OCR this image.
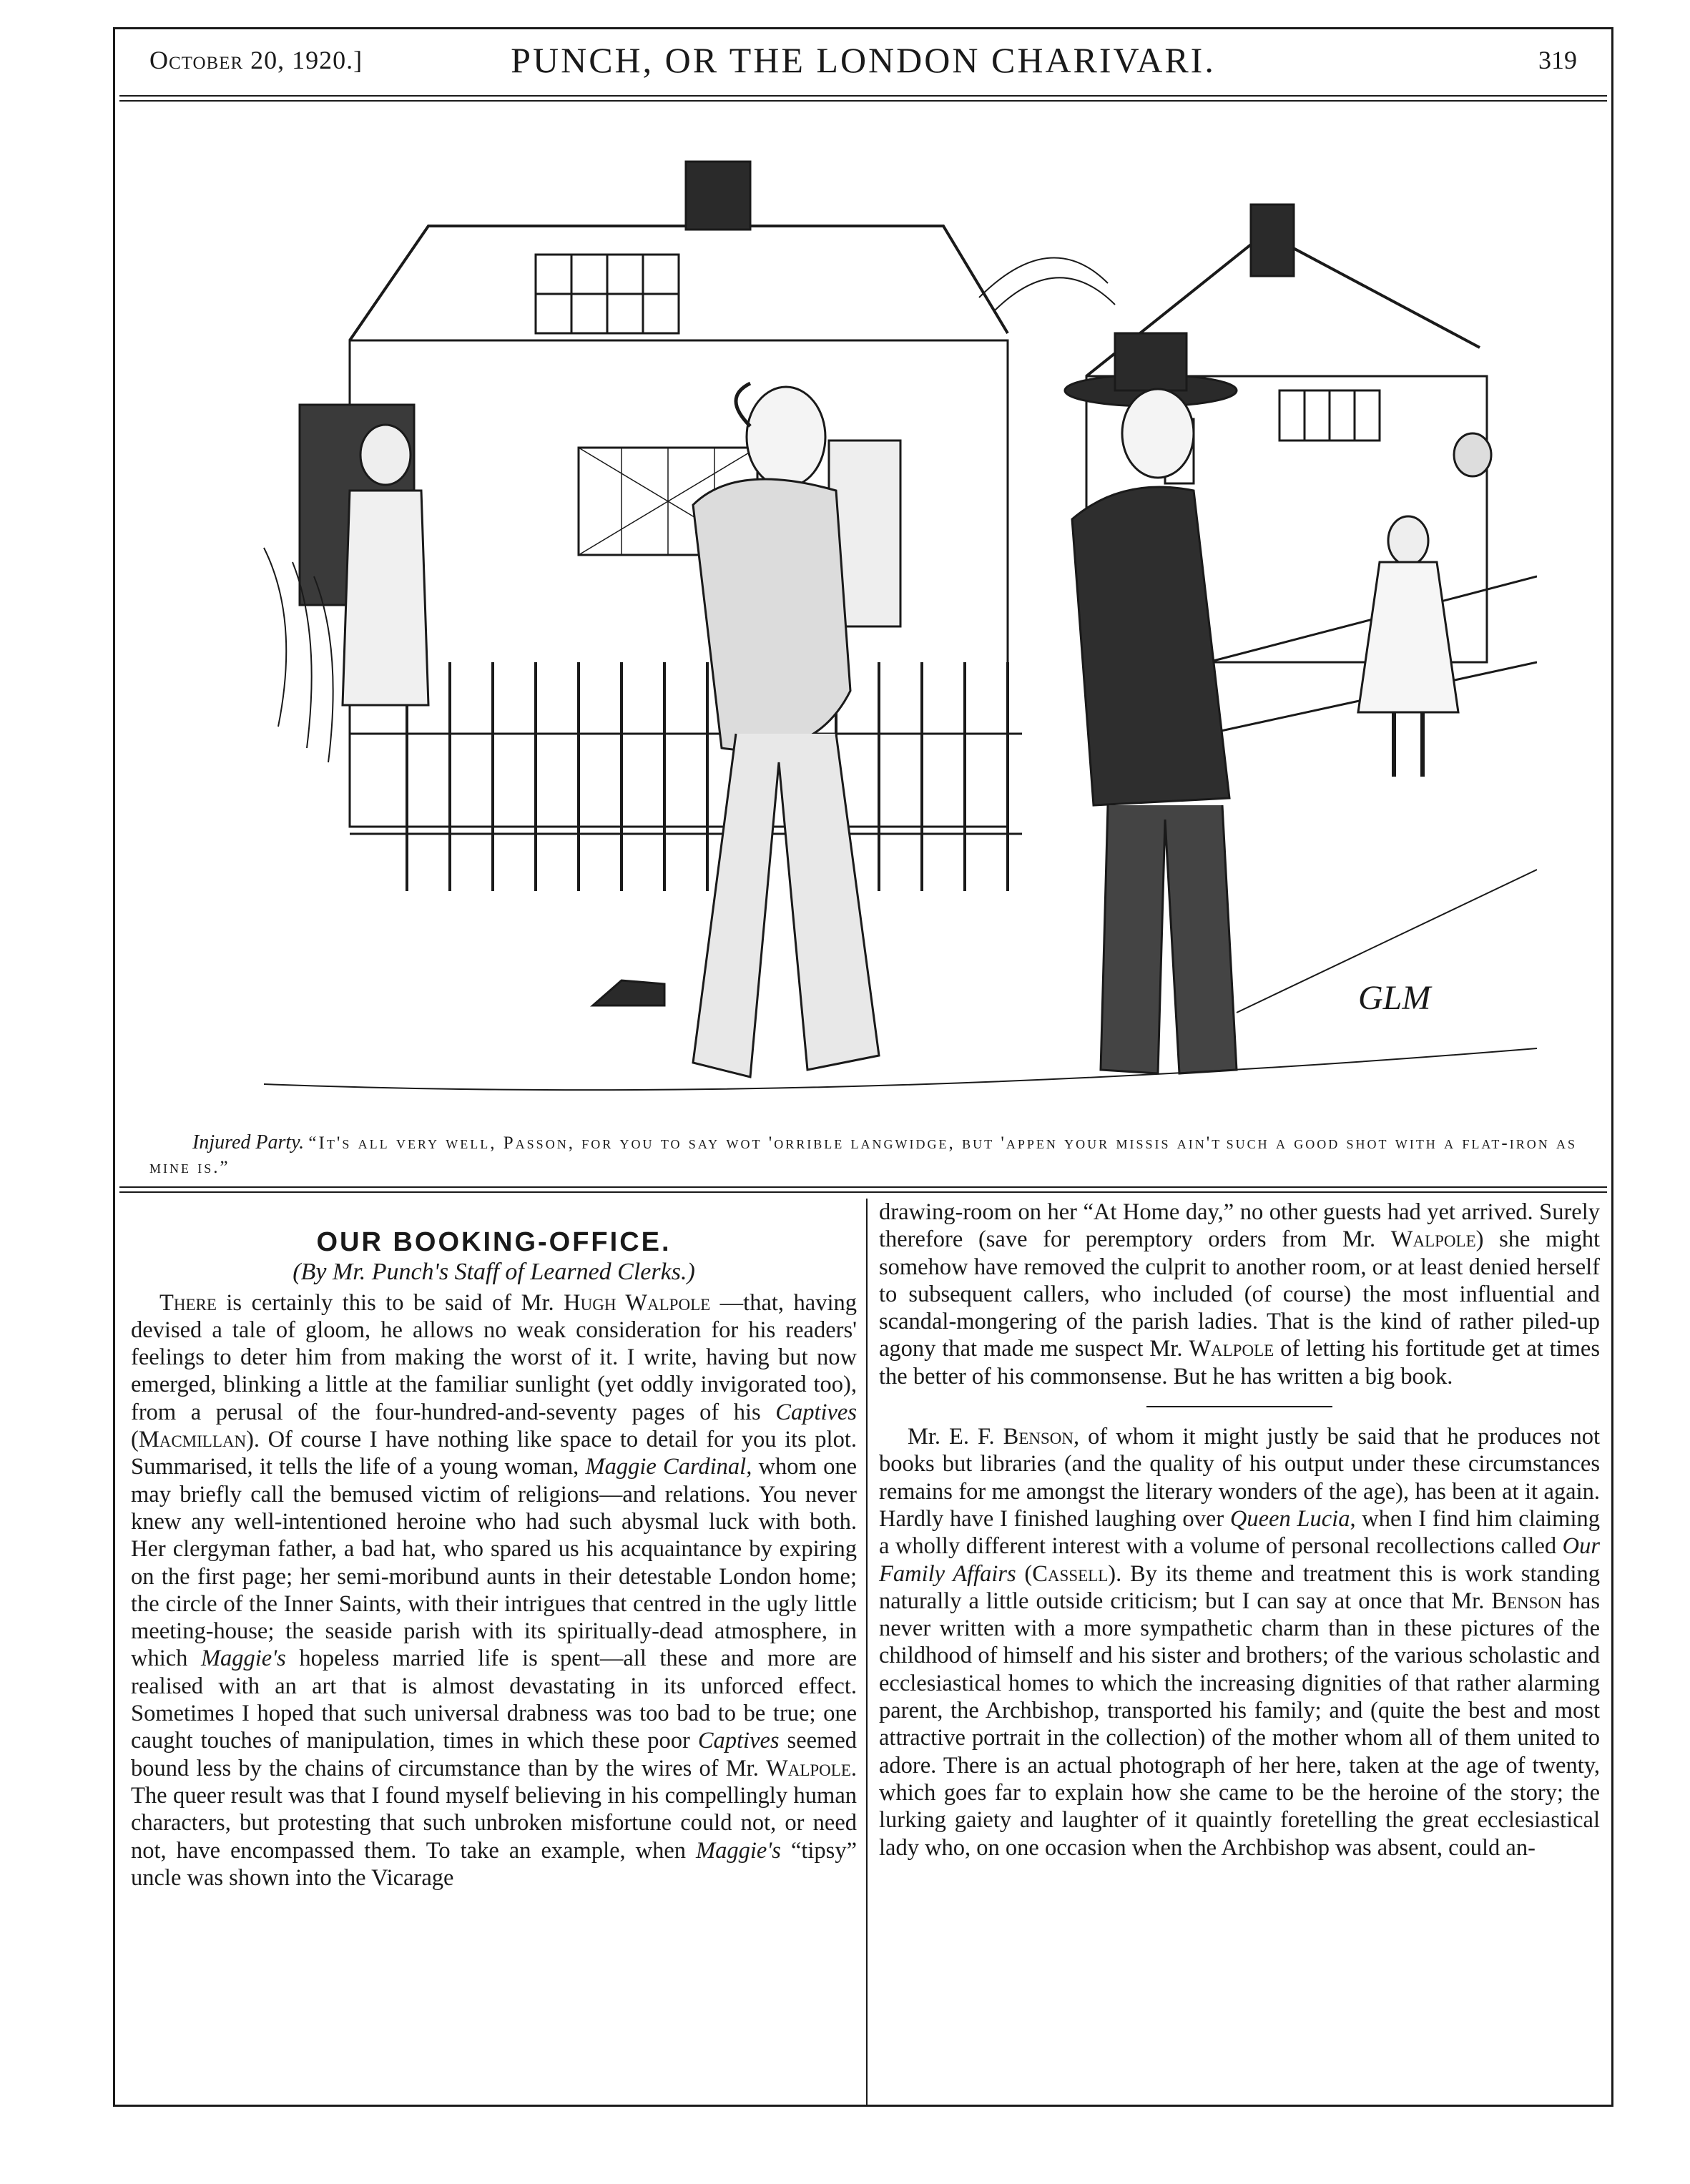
October 20, 1920.]	PUNCH, OR THE LONDON CHARIVARI.	319
GLM
Injured Party. “It's all very well, Passon, for you to say wot 'orrible langwidge, but 'appen your missis ain't such a good shot with a flat-iron as mine is.”
OUR BOOKING-OFFICE.
(By Mr. Punch's Staff of Learned Clerks.)

There is certainly this to be said of Mr. Hugh Walpole —that, having devised a tale of gloom, he allows no weak consideration for his readers' feelings to deter him from making the worst of it. I write, having but now emerged, blinking a little at the familiar sunlight (yet oddly invigorated too), from a perusal of the four-hundred-and-seventy pages of his Captives (Macmillan). Of course I have nothing like space to detail for you its plot. Summarised, it tells the life of a young woman, Maggie Cardinal, whom one may briefly call the bemused victim of religions—and relations. You never knew any well-intentioned heroine who had such abysmal luck with both. Her clergyman father, a bad hat, who spared us his acquaintance by expiring on the first page; her semi-moribund aunts in their detestable London home; the circle of the Inner Saints, with their intrigues that centred in the ugly little meeting-house; the seaside parish with its spiritually-dead atmosphere, in which Maggie's hopeless married life is spent—all these and more are realised with an art that is almost devastating in its unforced effect. Sometimes I hoped that such universal drabness was too bad to be true; one caught touches of manipulation, times in which these poor Captives seemed bound less by the chains of circumstance than by the wires of Mr. Walpole. The queer result was that I found myself believing in his compellingly human characters, but protesting that such unbroken misfortune could not, or need not, have encompassed them. To take an example, when Maggie's “tipsy” uncle was shown into the Vicarage

drawing-room on her “At Home day,” no other guests had yet arrived. Surely therefore (save for peremptory orders from Mr. Walpole) she might somehow have removed the culprit to another room, or at least denied herself to subsequent callers, who included (of course) the most influential and scandal-mongering of the parish ladies. That is the kind of rather piled-up agony that made me suspect Mr. Walpole of letting his fortitude get at times the better of his commonsense. But he has written a big book.

Mr. E. F. Benson, of whom it might justly be said that he produces not books but libraries (and the quality of his output under these circumstances remains for me amongst the literary wonders of the age), has been at it again. Hardly have I finished laughing over Queen Lucia, when I find him claiming a wholly different interest with a volume of personal recollections called Our Family Affairs (Cassell). By its theme and treatment this is work standing naturally a little outside criticism; but I can say at once that Mr. Benson has never written with a more sympathetic charm than in these pictures of the childhood of himself and his sister and brothers; of the various scholastic and ecclesiastical homes to which the increasing dignities of that rather alarming parent, the Archbishop, transported his family; and (quite the best and most attractive portrait in the collection) of the mother whom all of them united to adore. There is an actual photograph of her here, taken at the age of twenty, which goes far to explain how she came to be the heroine of the story; the lurking gaiety and laughter of it quaintly foretelling the great ecclesiastical lady who, on one occasion when the Archbishop was absent, could an-
